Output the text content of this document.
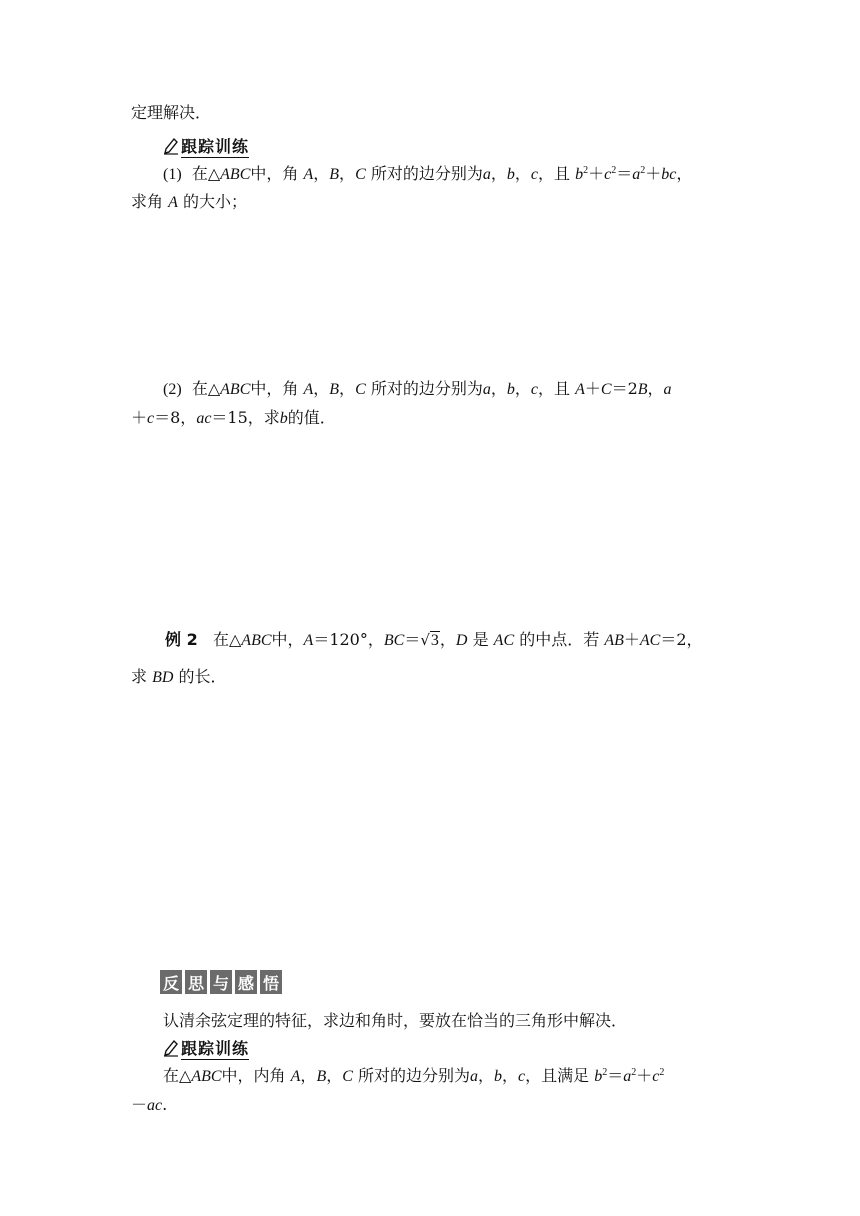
定理解决．
跟踪训练
(1) 在△ABC中，角 A，B，C 所对的边分别为a，b，c，且 $b^2+c^2=a^2+bc$，
求角 A 的大小；
(2) 在△ABC中，角 A，B，C 所对的边分别为a，b，c，且 A＋C＝2B，a
＋c＝8，ac＝15，求b的值．
例 2 在△ABC中，A＝120°，BC＝√3，D 是 AC 的中点．若 AB＋AC＝2，
求 BD 的长．
反 思 与 感 悟
认清余弦定理的特征，求边和角时，要放在恰当的三角形中解决．
跟踪训练
在△ABC中，内角 A，B，C 所对的边分别为a，b，c，且满足 $b^2=a^2+c^2$
－ac.
